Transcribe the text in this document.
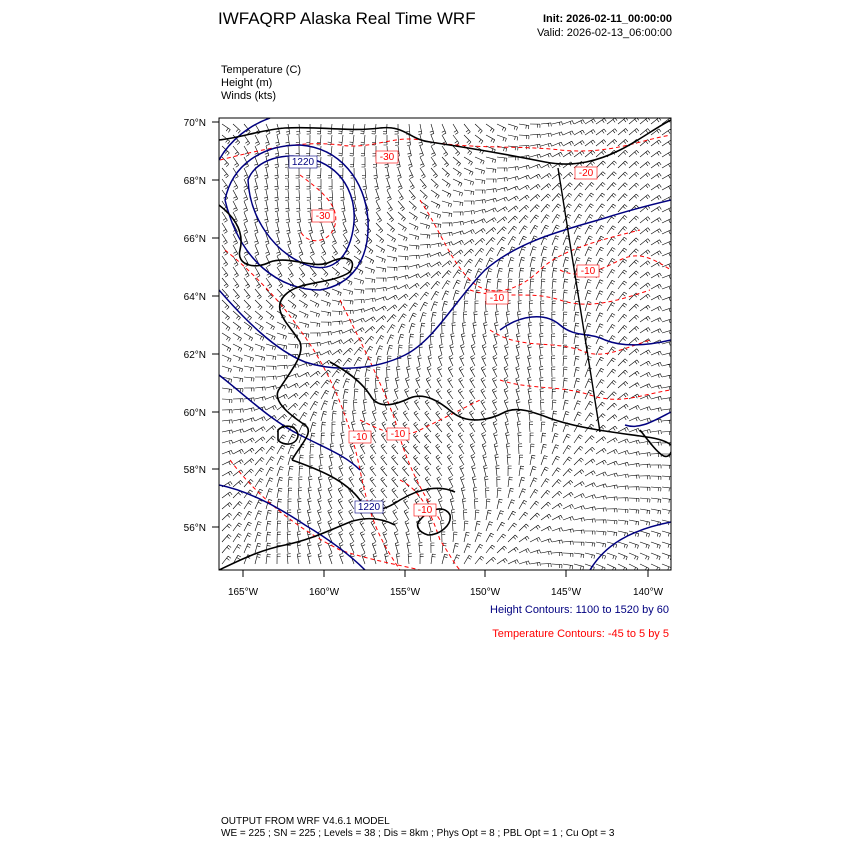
IWFAQRP Alaska Real Time WRF	Init: 2026-02-11_00:00:00
Valid: 2026-02-13_06:00:00
Temperature (C)
Height (m)
Winds (kts)
1220
1220
-30
-30
-20
-10
-10
-10 -10
-10
70°N
68°N
66°N
64°N
62°N
60°N
58°N
56°N
165°W	160°W	155°W	150°W	145°W	140°W
Height Contours: 1100 to 1520 by 60
Temperature Contours: -45 to 5 by 5
OUTPUT FROM WRF V4.6.1 MODEL
WE = 225 ; SN = 225 ; Levels = 38 ; Dis = 8km ; Phys Opt = 8 ; PBL Opt = 1 ; Cu Opt = 3
